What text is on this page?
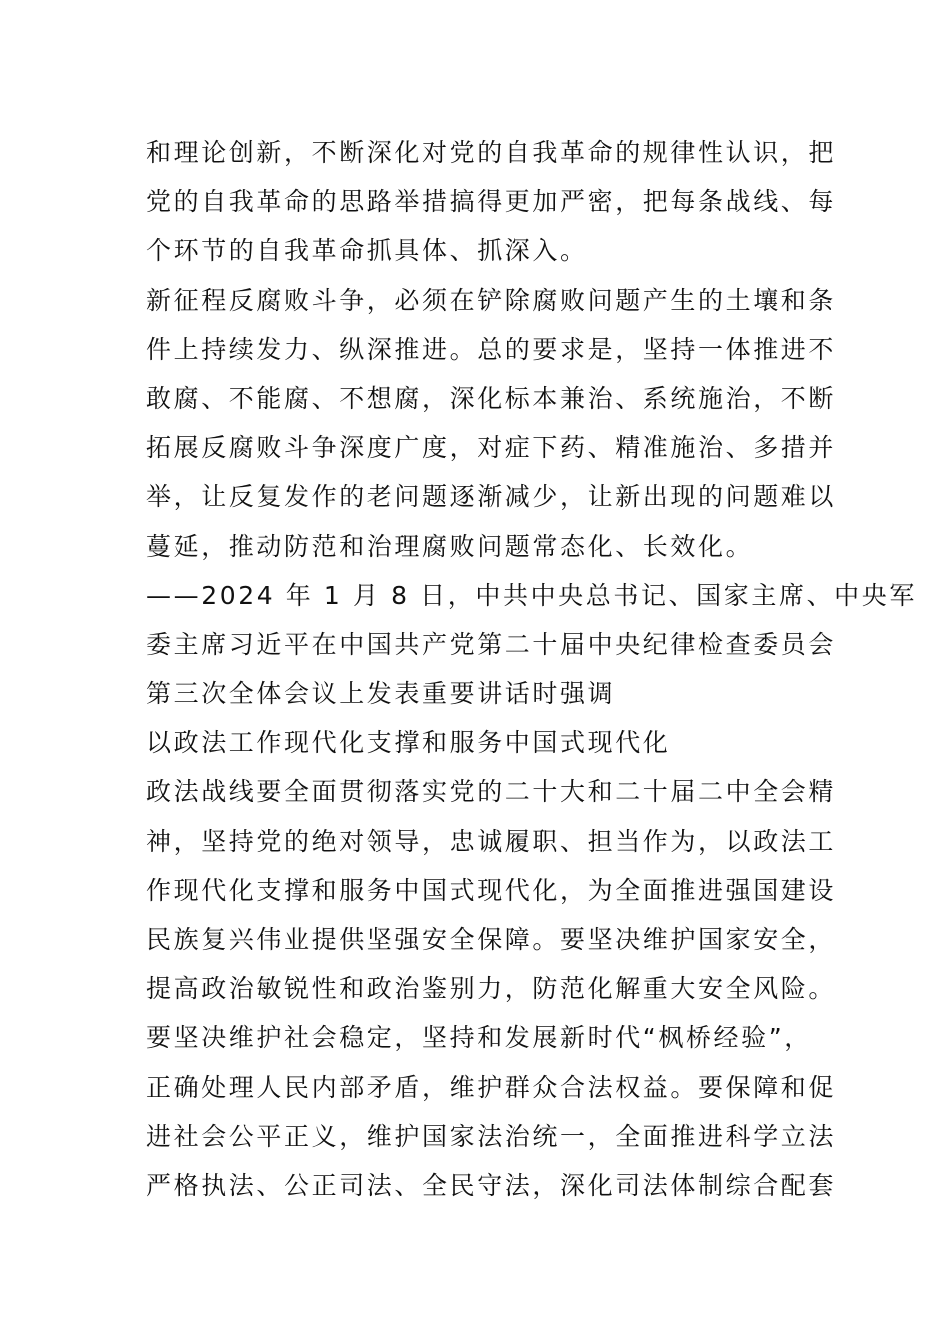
和理论创新，不断深化对党的自我革命的规律性认识，把
党的自我革命的思路举措搞得更加严密，把每条战线、每
个环节的自我革命抓具体、抓深入。
新征程反腐败斗争，必须在铲除腐败问题产生的土壤和条
件上持续发力、纵深推进。总的要求是，坚持一体推进不
敢腐、不能腐、不想腐，深化标本兼治、系统施治，不断
拓展反腐败斗争深度广度，对症下药、精准施治、多措并
举，让反复发作的老问题逐渐减少，让新出现的问题难以
蔓延，推动防范和治理腐败问题常态化、长效化。
——2024 年 1 月 8 日，中共中央总书记、国家主席、中央军
委主席习近平在中国共产党第二十届中央纪律检查委员会
第三次全体会议上发表重要讲话时强调
以政法工作现代化支撑和服务中国式现代化
政法战线要全面贯彻落实党的二十大和二十届二中全会精
神，坚持党的绝对领导，忠诚履职、担当作为，以政法工
作现代化支撑和服务中国式现代化，为全面推进强国建设
民族复兴伟业提供坚强安全保障。要坚决维护国家安全，
提高政治敏锐性和政治鉴别力，防范化解重大安全风险。
要坚决维护社会稳定，坚持和发展新时代“枫桥经验”，
正确处理人民内部矛盾，维护群众合法权益。要保障和促
进社会公平正义，维护国家法治统一，全面推进科学立法
严格执法、公正司法、全民守法，深化司法体制综合配套
